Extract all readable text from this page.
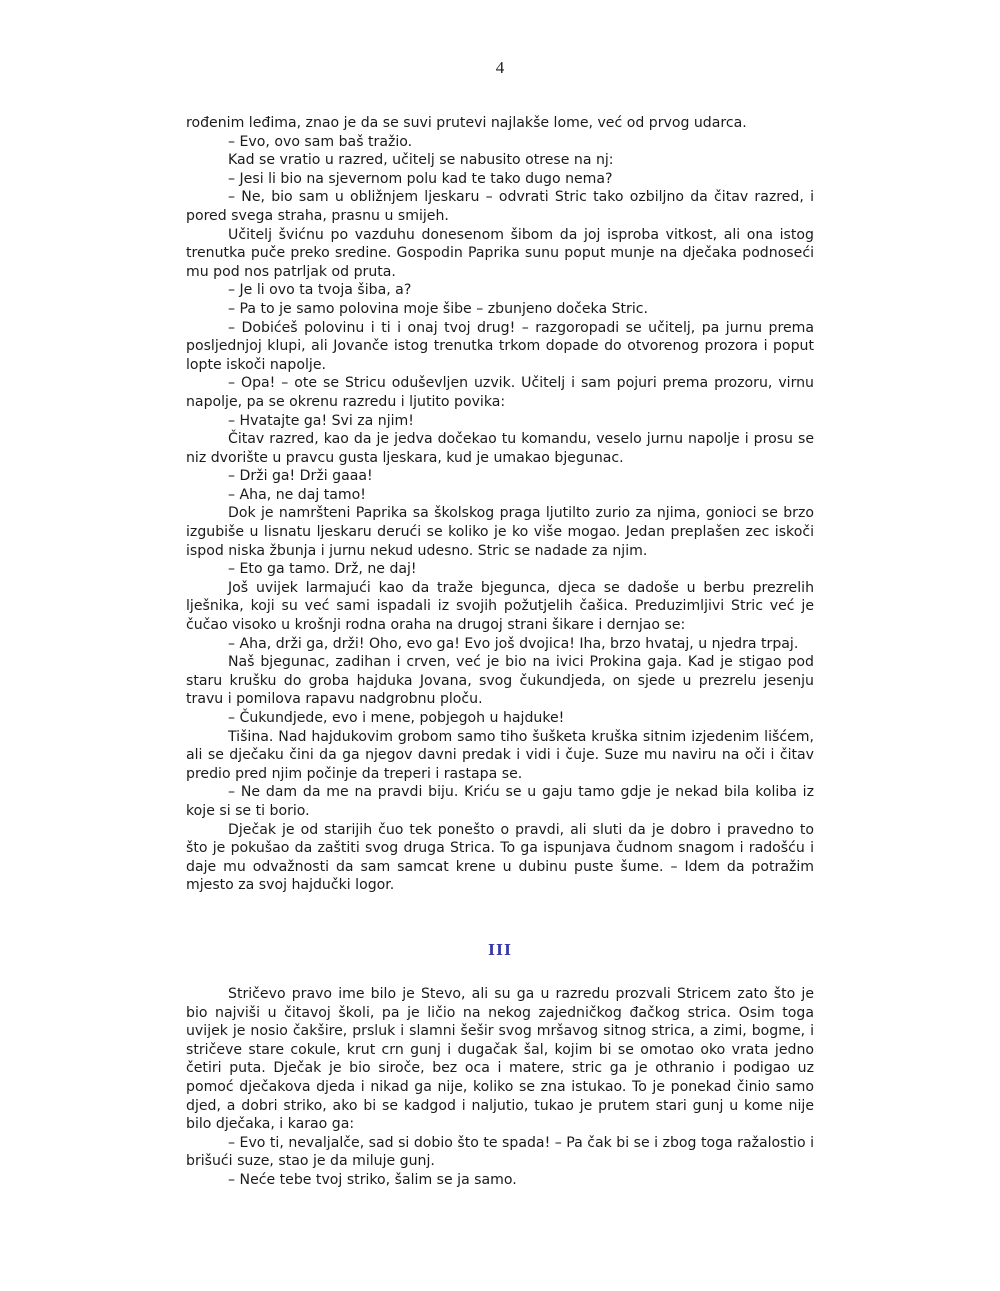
4

rođenim leđima, znao je da se suvi prutevi najlakše lome, već od prvog udarca.

– Evo, ovo sam baš tražio.

Kad se vratio u razred, učitelj se nabusito otrese na nj:

– Jesi li bio na sjevernom polu kad te tako dugo nema?

– Ne, bio sam u obližnjem ljeskaru – odvrati Stric tako ozbiljno da čitav razred, i pored svega straha, prasnu u smijeh.

Učitelj švićnu po vazduhu donesenom šibom da joj isproba vitkost, ali ona istog trenutka puče preko sredine. Gospodin Paprika sunu poput munje na dječaka podnoseći mu pod nos patrljak od pruta.

– Je li ovo ta tvoja šiba, a?

– Pa to je samo polovina moje šibe – zbunjeno dočeka Stric.

– Dobićeš polovinu i ti i onaj tvoj drug! – razgoropadi se učitelj, pa jurnu prema posljednjoj klupi, ali Jovanče istog trenutka trkom dopade do otvorenog prozora i poput lopte iskoči napolje.

– Opa! – ote se Stricu oduševljen uzvik. Učitelj i sam pojuri prema prozoru, virnu napolje, pa se okrenu razredu i ljutito povika:

– Hvatajte ga! Svi za njim!

Čitav razred, kao da je jedva dočekao tu komandu, veselo jurnu napolje i prosu se niz dvorište u pravcu gusta ljeskara, kud je umakao bjegunac.

– Drži ga! Drži gaaa!

– Aha, ne daj tamo!

Dok je namršteni Paprika sa školskog praga ljutilto zurio za njima, gonioci se brzo izgubiše u lisnatu ljeskaru derući se koliko je ko više mogao. Jedan preplašen zec iskoči ispod niska žbunja i jurnu nekud udesno. Stric se nadade za njim.

– Eto ga tamo. Drž, ne daj!

Još uvijek larmajući kao da traže bjegunca, djeca se dadoše u berbu prezrelih lješnika, koji su već sami ispadali iz svojih požutjelih čašica. Preduzimljivi Stric već je čučao visoko u krošnji rodna oraha na drugoj strani šikare i dernjao se:

– Aha, drži ga, drži! Oho, evo ga! Evo još dvojica! Iha, brzo hvataj, u njedra trpaj.

Naš bjegunac, zadihan i crven, već je bio na ivici Prokina gaja. Kad je stigao pod staru krušku do groba hajduka Jovana, svog čukundjeda, on sjede u prezrelu jesenju travu i pomilova rapavu nadgrobnu ploču.

– Čukundjede, evo i mene, pobjegoh u hajduke!

Tišina. Nad hajdukovim grobom samo tiho šušketa kruška sitnim izjedenim lišćem, ali se dječaku čini da ga njegov davni predak i vidi i čuje. Suze mu naviru na oči i čitav predio pred njim počinje da treperi i rastapa se.

– Ne dam da me na pravdi biju. Kriću se u gaju tamo gdje je nekad bila koliba iz koje si se ti borio.

Dječak je od starijih čuo tek ponešto o pravdi, ali sluti da je dobro i pravedno to što je pokušao da zaštiti svog druga Strica. To ga ispunjava čudnom snagom i radošću i daje mu odvažnosti da sam samcat krene u dubinu puste šume. – Idem da potražim mjesto za svoj hajdučki logor.

III

Stričevo pravo ime bilo je Stevo, ali su ga u razredu prozvali Stricem zato što je bio najviši u čitavoj školi, pa je ličio na nekog zajedničkog đačkog strica. Osim toga uvijek je nosio čakšire, prsluk i slamni šešir svog mršavog sitnog strica, a zimi, bogme, i stričeve stare cokule, krut crn gunj i dugačak šal, kojim bi se omotao oko vrata jedno četiri puta. Dječak je bio siroče, bez oca i matere, stric ga je othranio i podigao uz pomoć dječakova djeda i nikad ga nije, koliko se zna istukao. To je ponekad činio samo djed, a dobri striko, ako bi se kadgod i naljutio, tukao je prutem stari gunj u kome nije bilo dječaka, i karao ga:

– Evo ti, nevaljalče, sad si dobio što te spada! – Pa čak bi se i zbog toga ražalostio i brišući suze, stao je da miluje gunj.

– Neće tebe tvoj striko, šalim se ja samo.
